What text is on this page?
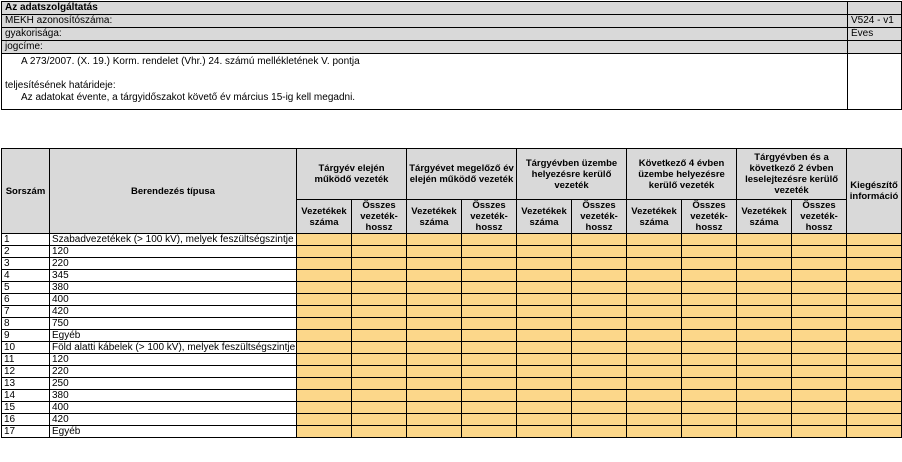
Az adatszolgáltatás	
MEKH azonosítószáma:	V524 - v1
gyakorisága:	Éves
jogcíme:	

A 273/2007. (X. 19.) Korm. rendelet (Vhr.) 24. számú mellékletének V. pontja
teljesítésének határideje:
Az adatokat évente, a tárgyidőszakot követő év március 15-ig kell megadni.	

Sorszám	Berendezés típusa	Tárgyév elején működő vezeték		Tárgyévet megelőző év elején működő vezeték		Tárgyévben üzembe helyezésre kerülő vezeték		Következő 4 évben üzembe helyezésre kerülő vezeték		Tárgyévben és a következő 2 évben leselejtezésre kerülő vezeték		Kiegészítő információ
		Vezetékek száma	Összes vezeték-hossz	Vezetékek száma	Összes vezeték-hossz	Vezetékek száma	Összes vezeték-hossz	Vezetékek száma	Összes vezeték-hossz	Vezetékek száma	Összes vezeték-hossz	
1	Szabadvezetékek (> 100 kV), melyek feszültségszintje											
2	120											
3	220											
4	345											
5	380											
6	400											
7	420											
8	750											
9	Egyéb											
10	Föld alatti kábelek (> 100 kV), melyek feszültségszintje											
11	120											
12	220											
13	250											
14	380											
15	400											
16	420											
17	Egyéb											
